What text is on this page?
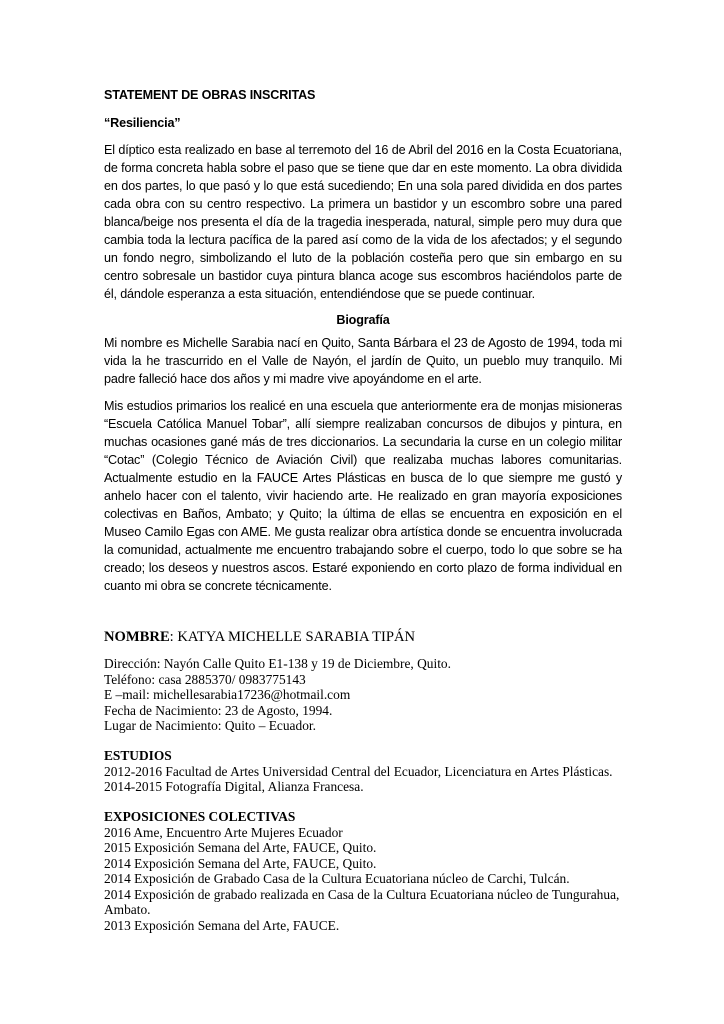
STATEMENT DE OBRAS INSCRITAS

“Resiliencia”

El díptico esta realizado en base al terremoto del 16 de Abril del 2016 en la Costa Ecuatoriana, de forma concreta habla sobre el paso que se tiene que dar en este momento. La obra dividida en dos partes, lo que pasó y lo que está sucediendo; En una sola pared dividida en dos partes cada obra con su centro respectivo. La primera un bastidor y un escombro sobre una pared blanca/beige nos presenta el día de la tragedia inesperada, natural, simple pero muy dura que cambia toda la lectura pacífica de la pared así como de la vida de los afectados; y el segundo un fondo negro, simbolizando el luto de la población costeña pero que sin embargo en su centro sobresale un bastidor cuya pintura blanca acoge sus escombros haciéndolos parte de él, dándole esperanza a esta situación, entendiéndose que se puede continuar.

Biografía

Mi nombre es Michelle Sarabia nací en Quito, Santa Bárbara el 23 de Agosto de 1994, toda mi vida la he trascurrido en el Valle de Nayón, el jardín de Quito, un pueblo muy tranquilo. Mi padre falleció hace dos años y mi madre vive apoyándome en el arte.

Mis estudios primarios los realicé en una escuela que anteriormente era de monjas misioneras “Escuela Católica Manuel Tobar”, allí siempre realizaban concursos de dibujos y pintura, en muchas ocasiones gané más de tres diccionarios. La secundaria la curse en un colegio militar “Cotac” (Colegio Técnico de Aviación Civil) que realizaba muchas labores comunitarias. Actualmente estudio en la FAUCE Artes Plásticas en busca de lo que siempre me gustó y anhelo hacer con el talento, vivir haciendo arte. He realizado en gran mayoría exposiciones colectivas en Baños, Ambato; y Quito; la última de ellas se encuentra en exposición en el Museo Camilo Egas con AME. Me gusta realizar obra artística donde se encuentra involucrada la comunidad, actualmente me encuentro trabajando sobre el cuerpo, todo lo que sobre se ha creado; los deseos y nuestros ascos. Estaré exponiendo en corto plazo de forma individual en cuanto mi obra se concrete técnicamente.

NOMBRE: KATYA MICHELLE SARABIA TIPÁN
Dirección: Nayón Calle Quito E1-138 y 19 de Diciembre, Quito.
Teléfono: casa 2885370/ 0983775143
E –mail: michellesarabia17236@hotmail.com
Fecha de Nacimiento: 23 de Agosto, 1994.
Lugar de Nacimiento: Quito – Ecuador.
ESTUDIOS
2012-2016 Facultad de Artes Universidad Central del Ecuador, Licenciatura en Artes Plásticas.
2014-2015 Fotografía Digital, Alianza Francesa.
EXPOSICIONES COLECTIVAS
2016 Ame, Encuentro Arte Mujeres Ecuador
2015 Exposición Semana del Arte, FAUCE, Quito.
2014 Exposición Semana del Arte, FAUCE, Quito.
2014 Exposición de Grabado Casa de la Cultura Ecuatoriana núcleo de Carchi, Tulcán.
2014 Exposición de grabado realizada en Casa de la Cultura Ecuatoriana núcleo de Tungurahua,
Ambato.
2013 Exposición Semana del Arte, FAUCE.
